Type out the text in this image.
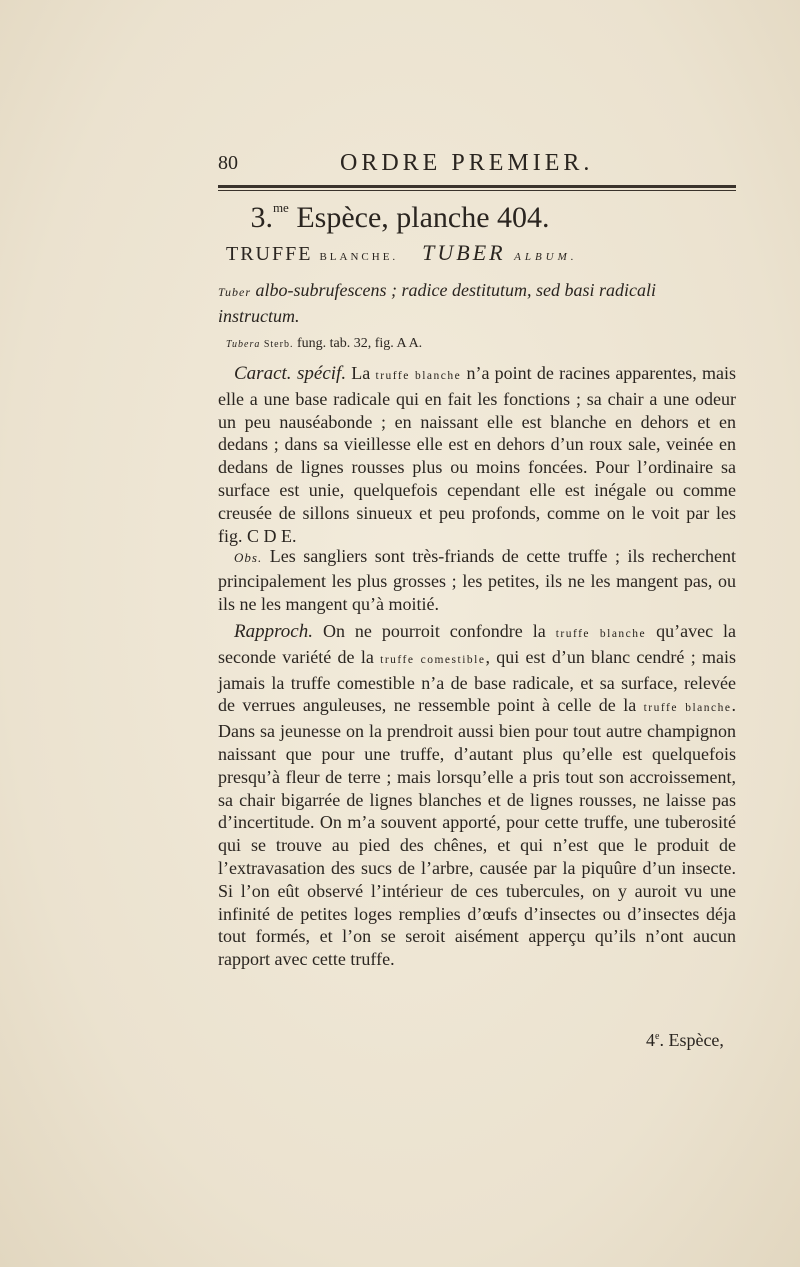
80	ORDRE PREMIER.
3.$^{me}$ Espèce, planche 404.
TRUFFE BLANCHE. TUBER ALBUM.
Tuber albo-subrufescens ; radice destitutum, sed basi radicali instructum.
Tubera Sterb. fung. tab. 32, fig. A A.
Caract. spécif. La truffe blanche n’a point de racines apparentes, mais elle a une base radicale qui en fait les fonctions ; sa chair a une odeur un peu nauséabonde ; en naissant elle est blanche en dehors et en dedans ; dans sa vieillesse elle est en dehors d’un roux sale, veinée en dedans de lignes rousses plus ou moins foncées. Pour l’ordinaire sa surface est unie, quelquefois cependant elle est inégale ou comme creusée de sillons sinueux et peu profonds, comme on le voit par les fig. C D E.
Obs. Les sangliers sont très-friands de cette truffe ; ils recherchent principalement les plus grosses ; les petites, ils ne les mangent pas, ou ils ne les mangent qu’à moitié.
Rapproch. On ne pourroit confondre la truffe blanche qu’avec la seconde variété de la truffe comestible, qui est d’un blanc cendré ; mais jamais la truffe comestible n’a de base radicale, et sa surface, relevée de verrues anguleuses, ne ressemble point à celle de la truffe blanche. Dans sa jeunesse on la prendroit aussi bien pour tout autre champignon naissant que pour une truffe, d’autant plus qu’elle est quelquefois presqu’à fleur de terre ; mais lorsqu’elle a pris tout son accroissement, sa chair bigarrée de lignes blanches et de lignes rousses, ne laisse pas d’incertitude. On m’a souvent apporté, pour cette truffe, une tuberosité qui se trouve au pied des chênes, et qui n’est que le produit de l’extravasation des sucs de l’arbre, causée par la piquûre d’un insecte. Si l’on eût observé l’intérieur de ces tubercules, on y auroit vu une infinité de petites loges remplies d’œufs d’insectes ou d’insectes déja tout formés, et l’on se seroit aisément apperçu qu’ils n’ont aucun rapport avec cette truffe.
4e. Espèce,
